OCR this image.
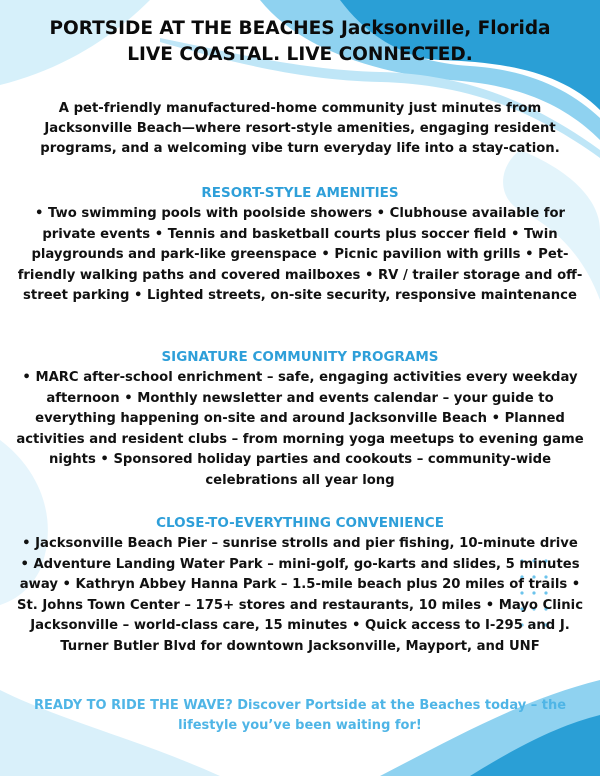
PORTSIDE AT THE BEACHES Jacksonville, Florida
LIVE COASTAL. LIVE CONNECTED.

A pet-friendly manufactured-home community just minutes from Jacksonville Beach—where resort-style amenities, engaging resident programs, and a welcoming vibe turn everyday life into a stay-cation.

RESORT-STYLE AMENITIES

• Two swimming pools with poolside showers • Clubhouse available for private events • Tennis and basketball courts plus soccer field • Twin playgrounds and park-like greenspace • Picnic pavilion with grills • Pet-friendly walking paths and covered mailboxes • RV / trailer storage and off-street parking • Lighted streets, on-site security, responsive maintenance

SIGNATURE COMMUNITY PROGRAMS

• MARC after-school enrichment – safe, engaging activities every weekday afternoon • Monthly newsletter and events calendar – your guide to everything happening on-site and around Jacksonville Beach • Planned activities and resident clubs – from morning yoga meetups to evening game nights • Sponsored holiday parties and cookouts – community-wide celebrations all year long

CLOSE-TO-EVERYTHING CONVENIENCE

• Jacksonville Beach Pier – sunrise strolls and pier fishing, 10-minute drive • Adventure Landing Water Park – mini-golf, go-karts and slides, 5 minutes away • Kathryn Abbey Hanna Park – 1.5-mile beach plus 20 miles of trails • St. Johns Town Center – 175+ stores and restaurants, 10 miles • Mayo Clinic Jacksonville – world-class care, 15 minutes • Quick access to I-295 and J. Turner Butler Blvd for downtown Jacksonville, Mayport, and UNF

READY TO RIDE THE WAVE? Discover Portside at the Beaches today – the lifestyle you’ve been waiting for!
